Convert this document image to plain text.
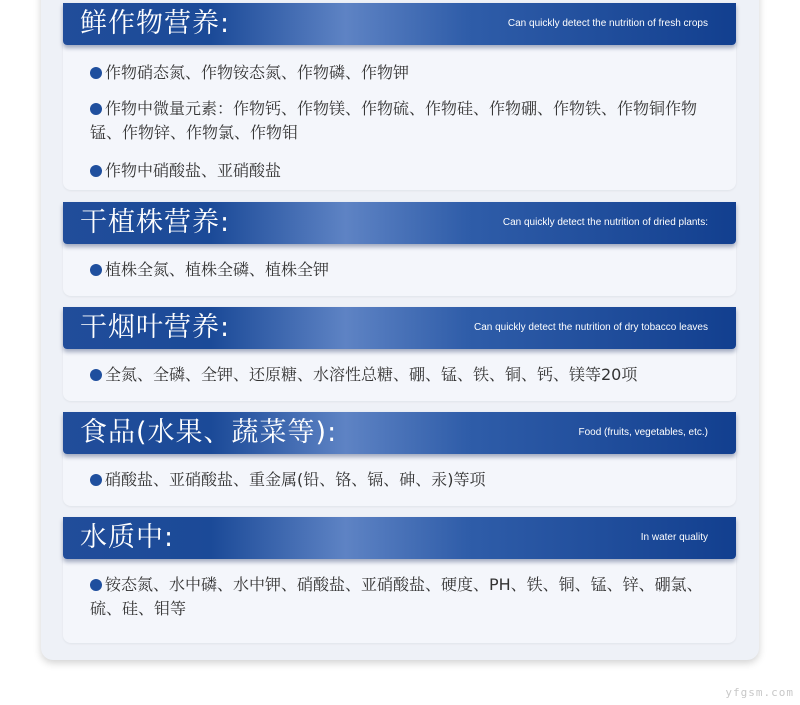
鲜作物营养:	Can quickly detect the nutrition of fresh crops
作物硝态氮、作物铵态氮、作物磷、作物钾
作物中微量元素：作物钙、作物镁、作物硫、作物硅、作物硼、作物铁、作物铜作物锰、作物锌、作物氯、作物钼
作物中硝酸盐、亚硝酸盐
干植株营养:	Can quickly detect the nutrition of dried plants:
植株全氮、植株全磷、植株全钾
干烟叶营养:	Can quickly detect the nutrition of dry tobacco leaves
全氮、全磷、全钾、还原糖、水溶性总糖、硼、锰、铁、铜、钙、镁等20项
食品(水果、蔬菜等):	Food (fruits, vegetables, etc.)
硝酸盐、亚硝酸盐、重金属(铅、铬、镉、砷、汞)等项
水质中:	In water quality
铵态氮、水中磷、水中钾、硝酸盐、亚硝酸盐、硬度、PH、铁、铜、锰、锌、硼氯、硫、硅、钼等
yfgsm.com
